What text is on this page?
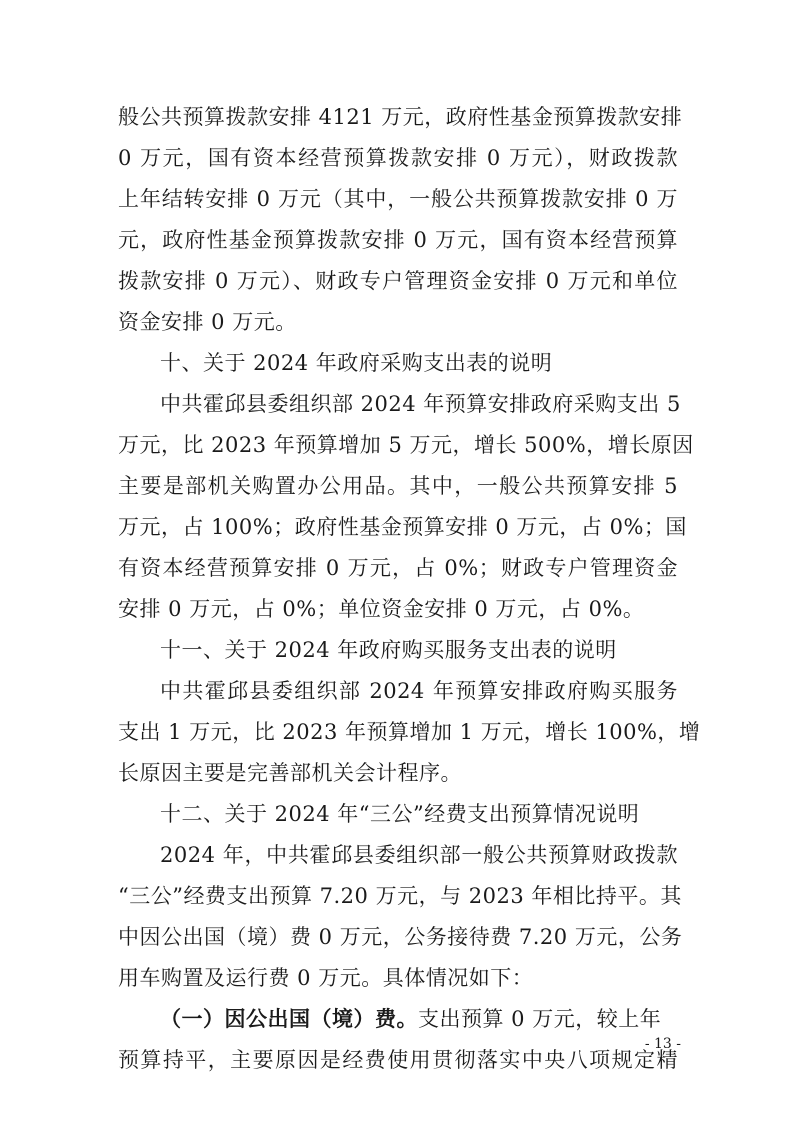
般公共预算拨款安排 4121 万元，政府性基金预算拨款安排
0 万元，国有资本经营预算拨款安排 0 万元），财政拨款
上年结转安排 0 万元（其中，一般公共预算拨款安排 0 万
元，政府性基金预算拨款安排 0 万元，国有资本经营预算
拨款安排 0 万元）、财政专户管理资金安排 0 万元和单位
资金安排 0 万元。
十、关于 2024 年政府采购支出表的说明
中共霍邱县委组织部 2024 年预算安排政府采购支出 5
万元，比 2023 年预算增加 5 万元，增长 500%，增长原因
主要是部机关购置办公用品。其中，一般公共预算安排 5
万元，占 100%；政府性基金预算安排 0 万元，占 0%；国
有资本经营预算安排 0 万元，占 0%；财政专户管理资金
安排 0 万元，占 0%；单位资金安排 0 万元，占 0%。
十一、关于 2024 年政府购买服务支出表的说明
中共霍邱县委组织部 2024 年预算安排政府购买服务
支出 1 万元，比 2023 年预算增加 1 万元，增长 100%，增
长原因主要是完善部机关会计程序。
十二、关于 2024 年“三公”经费支出预算情况说明
2024 年，中共霍邱县委组织部一般公共预算财政拨款
“三公”经费支出预算 7.20 万元，与 2023 年相比持平。其
中因公出国（境）费 0 万元，公务接待费 7.20 万元，公务
用车购置及运行费 0 万元。具体情况如下：
（一）因公出国（境）费。支出预算 0 万元，较上年
预算持平，主要原因是经费使用贯彻落实中央八项规定精
- 13 -
